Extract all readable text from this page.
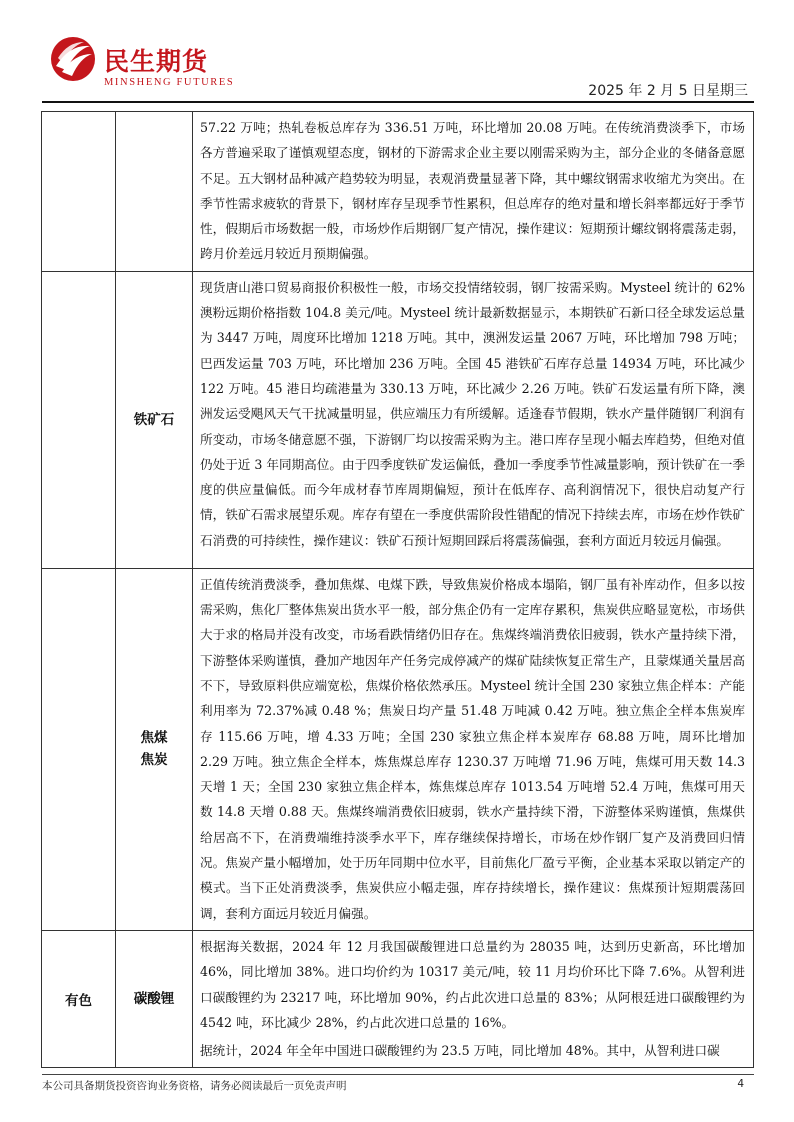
民生期货
MINSHENG FUTURES
2025 年 2 月 5 日星期三

		57.22 万吨；热轧卷板总库存为 336.51 万吨，环比增加 20.08 万吨。在传统消费淡季下，市场各方普遍采取了谨慎观望态度，钢材的下游需求企业主要以刚需采购为主，部分企业的冬储备意愿不足。五大钢材品种减产趋势较为明显，表观消费量显著下降，其中螺纹钢需求收缩尤为突出。在季节性需求疲软的背景下，钢材库存呈现季节性累积，但总库存的绝对量和增长斜率都远好于季节性，假期后市场数据一般，市场炒作后期钢厂复产情况，操作建议：短期预计螺纹钢将震荡走弱，跨月价差远月较近月预期偏强。

	铁矿石	现货唐山港口贸易商报价积极性一般，市场交投情绪较弱，钢厂按需采购。Mysteel 统计的 62%澳粉远期价格指数 104.8 美元/吨。Mysteel 统计最新数据显示，本期铁矿石新口径全球发运总量为 3447 万吨，周度环比增加 1218 万吨。其中，澳洲发运量 2067 万吨，环比增加 798 万吨；巴西发运量 703 万吨，环比增加 236 万吨。全国 45 港铁矿石库存总量 14934 万吨，环比减少 122 万吨。45 港日均疏港量为 330.13 万吨，环比减少 2.26 万吨。铁矿石发运量有所下降，澳洲发运受飓风天气干扰减量明显，供应端压力有所缓解。适逢春节假期，铁水产量伴随钢厂利润有所变动，市场冬储意愿不强，下游钢厂均以按需采购为主。港口库存呈现小幅去库趋势，但绝对值仍处于近 3 年同期高位。由于四季度铁矿发运偏低，叠加一季度季节性减量影响，预计铁矿在一季度的供应量偏低。而今年成材春节库周期偏短，预计在低库存、高利润情况下，很快启动复产行情，铁矿石需求展望乐观。库存有望在一季度供需阶段性错配的情况下持续去库，市场在炒作铁矿石消费的可持续性，操作建议：铁矿石预计短期回踩后将震荡偏强，套利方面近月较远月偏强。

	焦煤
焦炭	正值传统消费淡季，叠加焦煤、电煤下跌，导致焦炭价格成本塌陷，钢厂虽有补库动作，但多以按需采购，焦化厂整体焦炭出货水平一般，部分焦企仍有一定库存累积，焦炭供应略显宽松，市场供大于求的格局并没有改变，市场看跌情绪仍旧存在。焦煤终端消费依旧疲弱，铁水产量持续下滑，下游整体采购谨慎，叠加产地因年产任务完成停减产的煤矿陆续恢复正常生产，且蒙煤通关量居高不下，导致原料供应端宽松，焦煤价格依然承压。Mysteel 统计全国 230 家独立焦企样本：产能利用率为 72.37%减 0.48 %；焦炭日均产量 51.48 万吨减 0.42 万吨。独立焦企全样本焦炭库存 115.66 万吨，增 4.33 万吨；全国 230 家独立焦企样本炭库存 68.88 万吨，周环比增加 2.29 万吨。独立焦企全样本，炼焦煤总库存 1230.37 万吨增 71.96 万吨，焦煤可用天数 14.3 天增 1 天；全国 230 家独立焦企样本，炼焦煤总库存 1013.54 万吨增 52.4 万吨，焦煤可用天数 14.8 天增 0.88 天。焦煤终端消费依旧疲弱，铁水产量持续下滑，下游整体采购谨慎，焦煤供给居高不下，在消费端维持淡季水平下，库存继续保持增长，市场在炒作钢厂复产及消费回归情况。焦炭产量小幅增加，处于历年同期中位水平，目前焦化厂盈亏平衡，企业基本采取以销定产的模式。当下正处消费淡季，焦炭供应小幅走强，库存持续增长，操作建议：焦煤预计短期震荡回调，套利方面远月较近月偏强。

有色	碳酸锂	根据海关数据，2024 年 12 月我国碳酸锂进口总量约为 28035 吨，达到历史新高，环比增加 46%，同比增加 38%。进口均价约为 10317 美元/吨，较 11 月均价环比下降 7.6%。从智利进口碳酸锂约为 23217 吨，环比增加 90%，约占此次进口总量的 83%；从阿根廷进口碳酸锂约为 4542 吨，环比减少 28%，约占此次进口总量的 16%。

据统计，2024 年全年中国进口碳酸锂约为 23.5 万吨，同比增加 48%。其中，从智利进口碳

本公司具备期货投资咨询业务资格，请务必阅读最后一页免责声明	4
